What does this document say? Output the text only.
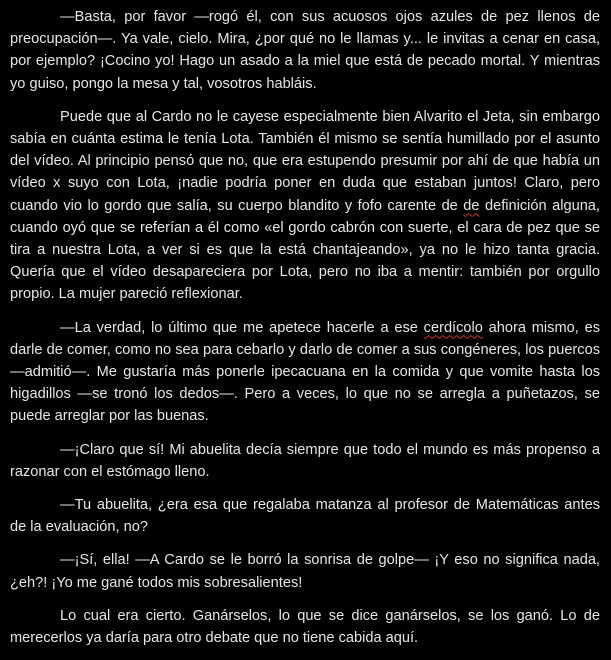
—Basta, por favor —rogó él, con sus acuosos ojos azules de pez llenos de preocupación—. Ya vale, cielo. Mira, ¿por qué no le llamas y... le invitas a cenar en casa, por ejemplo? ¡Cocino yo! Hago un asado a la miel que está de pecado mortal. Y mientras yo guiso, pongo la mesa y tal, vosotros habláis.

Puede que al Cardo no le cayese especialmente bien Alvarito el Jeta, sin embargo sabía en cuánta estima le tenía Lota. También él mismo se sentía humillado por el asunto del vídeo. Al principio pensó que no, que era estupendo presumir por ahí de que había un vídeo x suyo con Lota, ¡nadie podría poner en duda que estaban juntos! Claro, pero cuando vio lo gordo que salía, su cuerpo blandito y fofo carente de de definición alguna, cuando oyó que se referían a él como «el gordo cabrón con suerte, el cara de pez que se tira a nuestra Lota, a ver si es que la está chantajeando», ya no le hizo tanta gracia. Quería que el vídeo desapareciera por Lota, pero no iba a mentir: también por orgullo propio. La mujer pareció reflexionar.

—La verdad, lo último que me apetece hacerle a ese cerdícolo ahora mismo, es darle de comer, como no sea para cebarlo y darlo de comer a sus congéneres, los puercos —admitió—. Me gustaría más ponerle ipecacuana en la comida y que vomite hasta los higadillos —se tronó los dedos—. Pero a veces, lo que no se arregla a puñetazos, se puede arreglar por las buenas.

—¡Claro que sí! Mi abuelita decía siempre que todo el mundo es más propenso a razonar con el estómago lleno.

—Tu abuelita, ¿era esa que regalaba matanza al profesor de Matemáticas antes de la evaluación, no?

—¡Sí, ella! —A Cardo se le borró la sonrisa de golpe— ¡Y eso no significa nada, ¿eh?! ¡Yo me gané todos mis sobresalientes!

Lo cual era cierto. Ganárselos, lo que se dice ganárselos, se los ganó. Lo de merecerlos ya daría para otro debate que no tiene cabida aquí.
